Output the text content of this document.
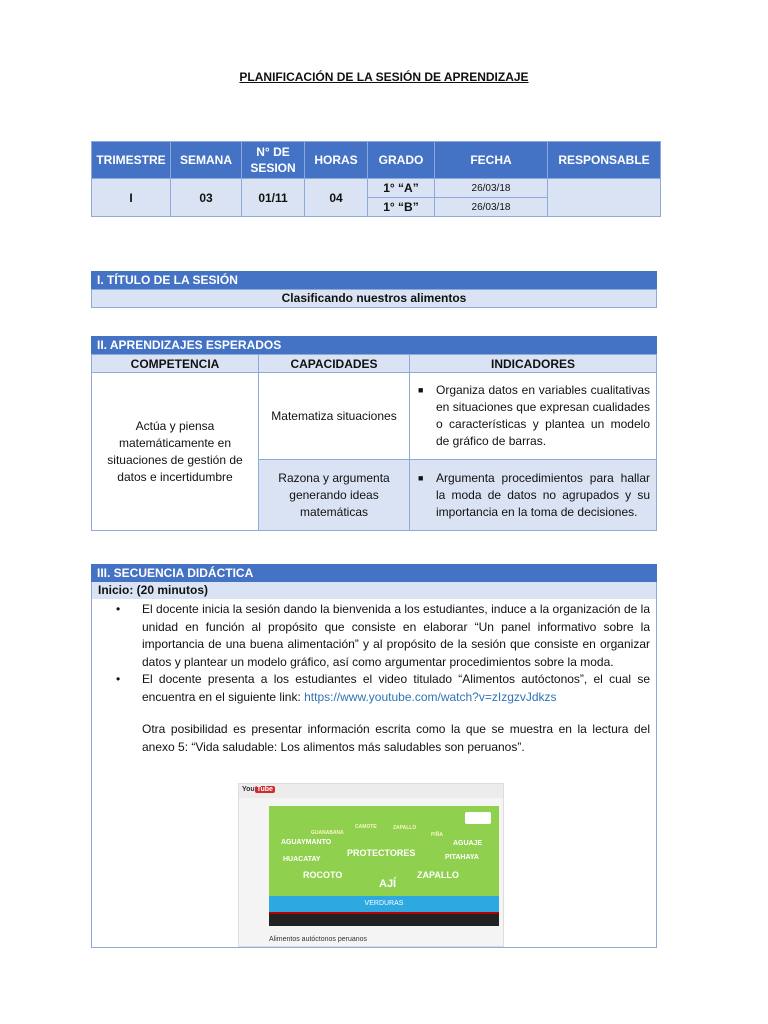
PLANIFICACIÓN DE LA SESIÓN DE APRENDIZAJE
TRIMESTRE	SEMANA	N° DE SESION	HORAS	GRADO	FECHA	RESPONSABLE
I	03	01/11	04	1° “A”	26/03/18	
				1° “B”	26/03/18	
I. TÍTULO DE LA SESIÓN
Clasificando nuestros alimentos
II. APRENDIZAJES ESPERADOS
COMPETENCIA	CAPACIDADES	INDICADORES
Actúa y piensa matemáticamente en situaciones de gestión de datos e incertidumbre	Matematiza situaciones	■ Organiza datos en variables cualitativas en situaciones que expresan cualidades o características y plantea un modelo de gráfico de barras.

	Razona y argumenta generando ideas matemáticas	■ Argumenta procedimientos para hallar la moda de datos no agrupados y su importancia en la toma de decisiones.
III. SECUENCIA DIDÁCTICA
Inicio: (20 minutos)
• El docente inicia la sesión dando la bienvenida a los estudiantes, induce a la organización de la unidad en función al propósito que consiste en elaborar “Un panel informativo sobre la importancia de una buena alimentación” y al propósito de la sesión que consiste en organizar datos y plantear un modelo gráfico, así como argumentar procedimientos sobre la moda.
• El docente presenta a los estudiantes el video titulado “Alimentos autóctonos”, el cual se encuentra en el siguiente link: https://www.youtube.com/watch?v=zIzgzvJdkzs
Otra posibilidad es presentar información escrita como la que se muestra en la lectura del anexo 5: “Vida saludable: Los alimentos más saludables son peruanos”.
You Tube
GUANABANA
CAMOTE	ZAPALLO
PIÑA
AGUAYMANTO	AGUAJE
HUACATAY
PROTECTORES	PITAHAYA
ROCOTO	ZAPALLO
AJÍ
VERDURAS
Alimentos autóctonos peruanos
